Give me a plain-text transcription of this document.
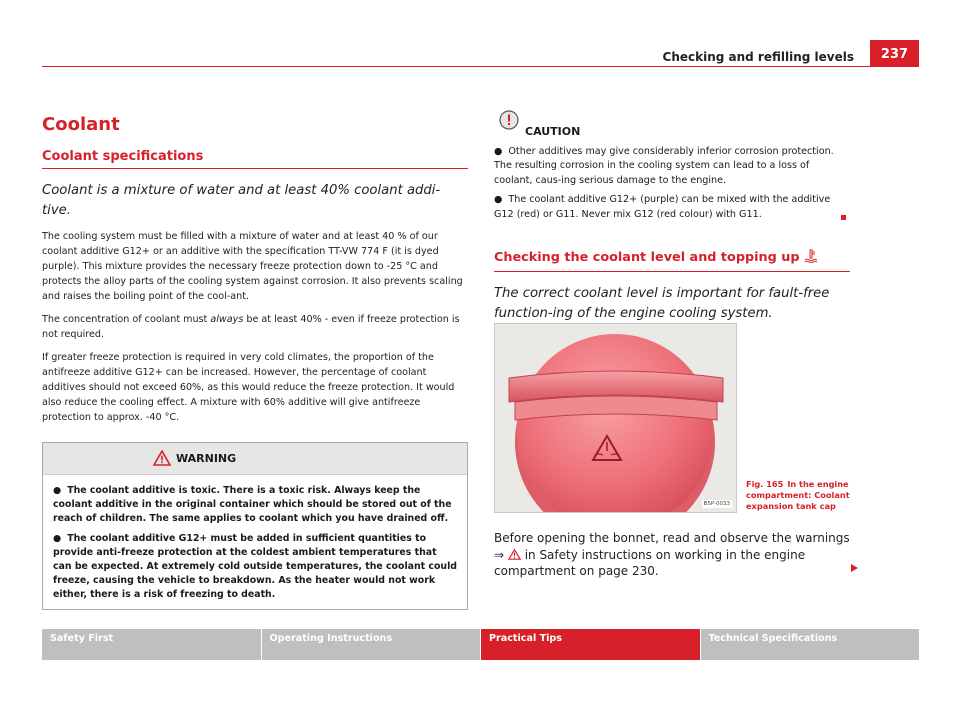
Checking and refilling levels	237
Coolant
Coolant specifications
Coolant is a mixture of water and at least 40% coolant addi-tive.

The cooling system must be filled with a mixture of water and at least 40 % of our coolant additive G12+ or an additive with the specification TT-VW 774 F (it is dyed purple). This mixture provides the necessary freeze protection down to -25 °C and protects the alloy parts of the cooling system against corrosion. It also prevents scaling and raises the boiling point of the cool-ant.

The concentration of coolant must always be at least 40% - even if freeze protection is not required.

If greater freeze protection is required in very cold climates, the proportion of the antifreeze additive G12+ can be increased. However, the percentage of coolant additives should not exceed 60%, as this would reduce the freeze protection. It would also reduce the cooling effect. A mixture with 60% additive will give antifreeze protection to approx. -40 °C.

WARNING

● The coolant additive is toxic. There is a toxic risk. Always keep the coolant additive in the original container which should be stored out of the reach of children. The same applies to coolant which you have drained off.

● The coolant additive G12+ must be added in sufficient quantities to provide anti-freeze protection at the coldest ambient temperatures that can be expected. At extremely cold outside temperatures, the coolant could freeze, causing the vehicle to breakdown. As the heater would not work either, there is a risk of freezing to death.

CAUTION

● Other additives may give considerably inferior corrosion protection. The resulting corrosion in the cooling system can lead to a loss of coolant, caus-ing serious damage to the engine.

● The coolant additive G12+ (purple) can be mixed with the additive G12 (red) or G11. Never mix G12 (red colour) with G11.

Checking the coolant level and topping up
The correct coolant level is important for fault-free function-ing of the engine cooling system.
B5P-0033
Fig. 165 In the engine compartment: Coolant expansion tank cap

Before opening the bonnet, read and observe the warnings ⇒  in Safety instructions on working in the engine compartment on page 230.

Safety First	Operating Instructions	Practical Tips	Technical Specifications
